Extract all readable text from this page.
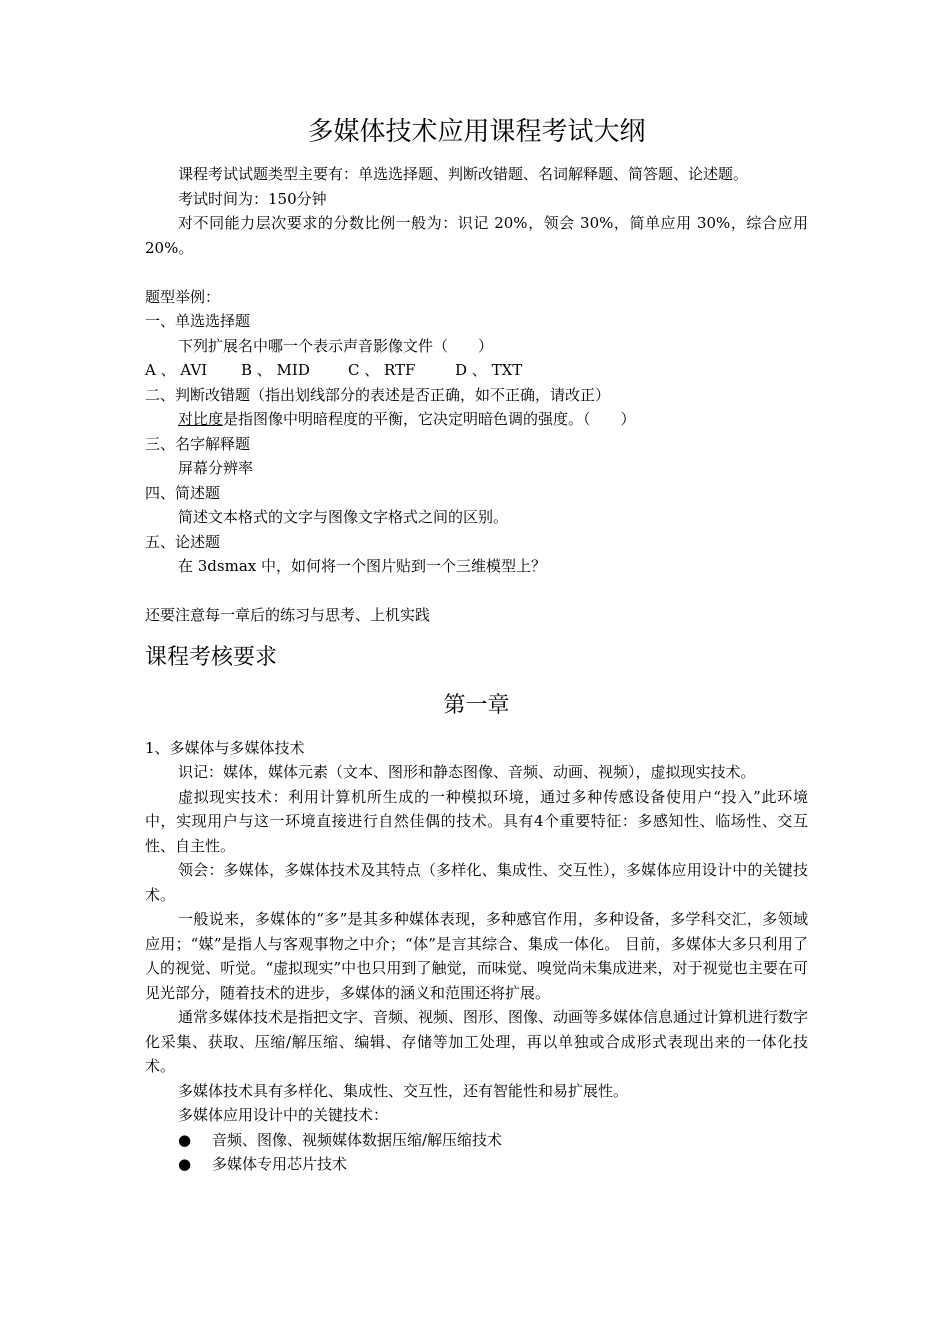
多媒体技术应用课程考试大纲

课程考试试题类型主要有：单选选择题、判断改错题、名词解释题、简答题、论述题。

考试时间为：150分钟

对不同能力层次要求的分数比例一般为：识记 20%，领会 30%，简单应用 30%，综合应用 20%。

题型举例：

一、单选选择题

下列扩展名中哪一个表示声音影像文件（　　）

A 、 AVI B 、 MID	C 、 RTF	D 、 TXT

二、判断改错题（指出划线部分的表述是否正确，如不正确，请改正）

对比度是指图像中明暗程度的平衡，它决定明暗色调的强度。（　　）

三、名字解释题

屏幕分辨率

四、简述题

简述文本格式的文字与图像文字格式之间的区别。

五、论述题

在 3dsmax 中，如何将一个图片贴到一个三维模型上？

还要注意每一章后的练习与思考、上机实践

课程考核要求
第一章

1、多媒体与多媒体技术

识记：媒体，媒体元素（文本、图形和静态图像、音频、动画、视频），虚拟现实技术。

虚拟现实技术：利用计算机所生成的一种模拟环境，通过多种传感设备使用户“投入”此环境中，实现用户与这一环境直接进行自然佳偶的技术。具有4个重要特征：多感知性、临场性、交互性、自主性。

领会：多媒体，多媒体技术及其特点（多样化、集成性、交互性），多媒体应用设计中的关键技术。

一般说来，多媒体的“多”是其多种媒体表现，多种感官作用，多种设备，多学科交汇，多领域应用；“媒”是指人与客观事物之中介；“体”是言其综合、集成一体化。 目前，多媒体大多只利用了人的视觉、听觉。“虚拟现实”中也只用到了触觉，而味觉、嗅觉尚未集成进来，对于视觉也主要在可见光部分，随着技术的进步，多媒体的涵义和范围还将扩展。

通常多媒体技术是指把文字、音频、视频、图形、图像、动画等多媒体信息通过计算机进行数字化采集、获取、压缩/解压缩、编辑、存储等加工处理，再以单独或合成形式表现出来的一体化技术。

多媒体技术具有多样化、集成性、交互性，还有智能性和易扩展性。

多媒体应用设计中的关键技术：

● 音频、图像、视频媒体数据压缩/解压缩技术

● 多媒体专用芯片技术
